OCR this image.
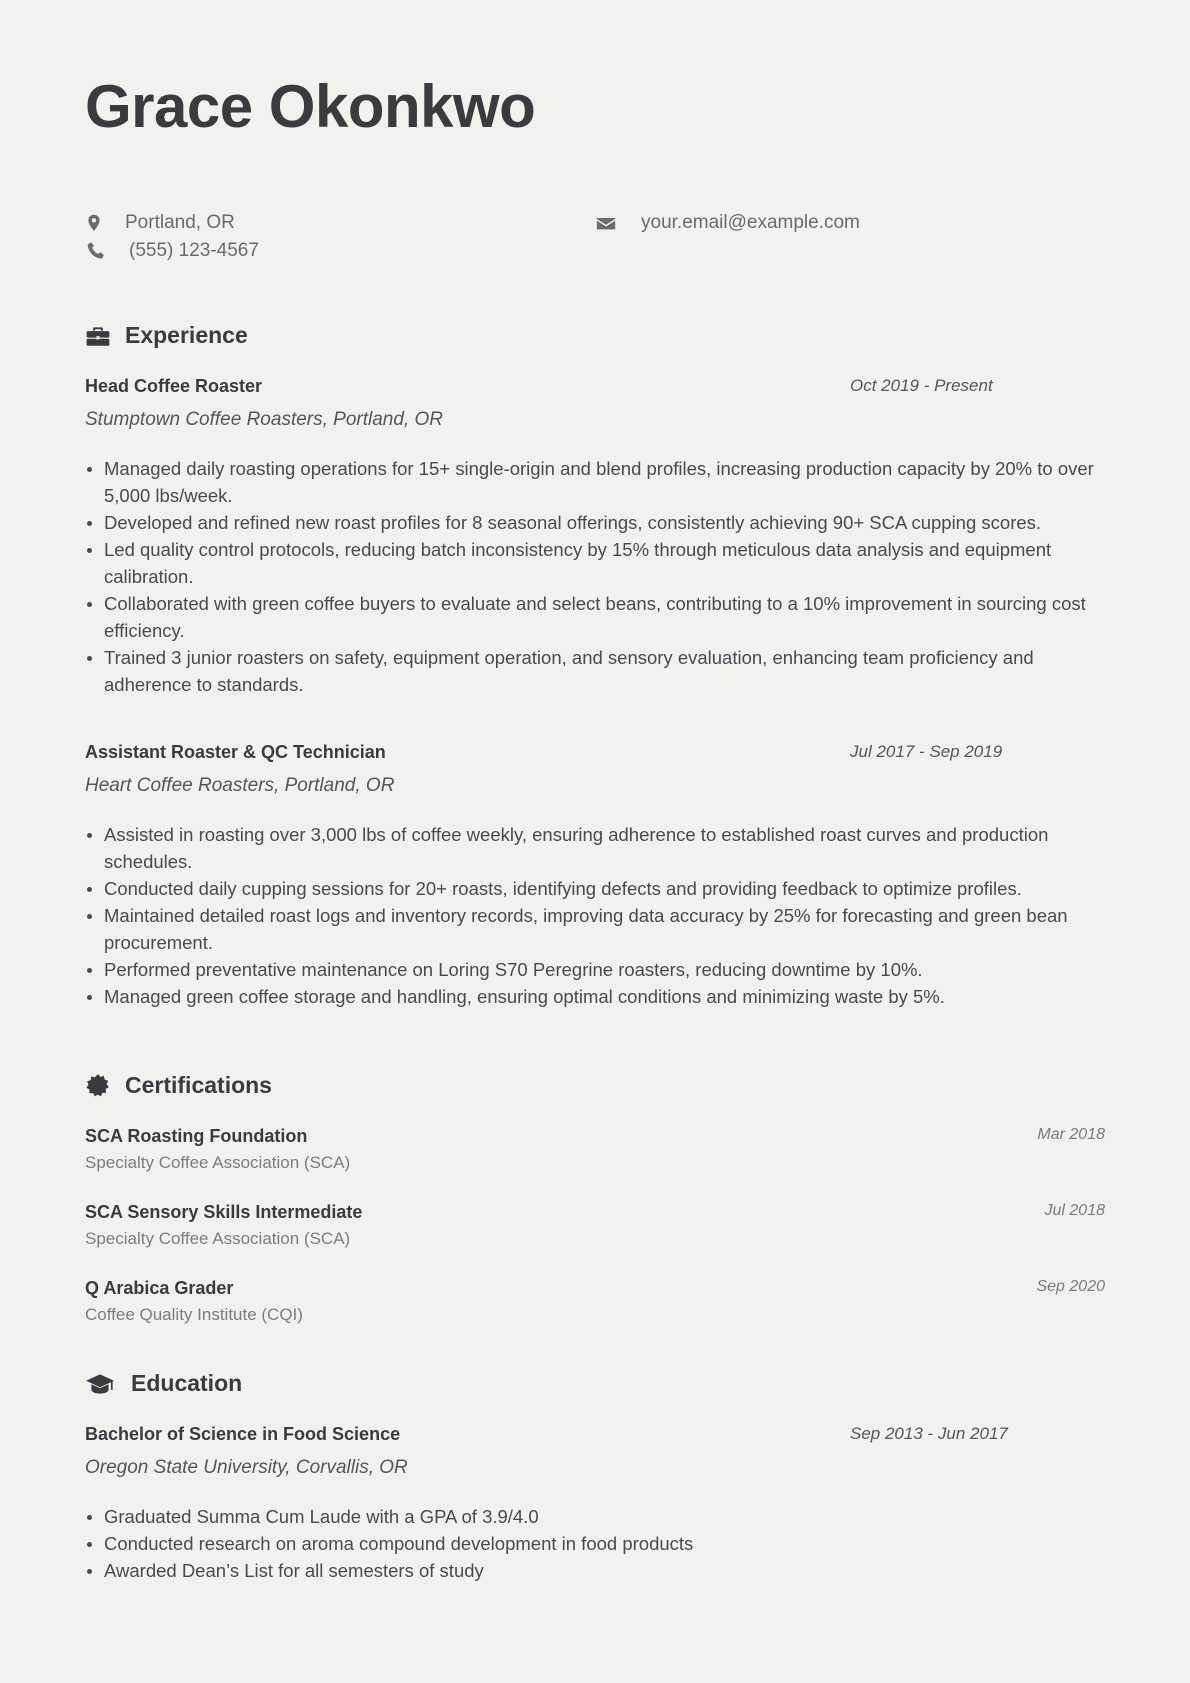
Grace Okonkwo
Portland, OR	your.email@example.com
(555) 123-4567
Experience
Head Coffee Roaster	Oct 2019 - Present
Stumptown Coffee Roasters, Portland, OR
Managed daily roasting operations for 15+ single-origin and blend profiles, increasing production capacity by 20% to over 5,000 lbs/week.
Developed and refined new roast profiles for 8 seasonal offerings, consistently achieving 90+ SCA cupping scores.
Led quality control protocols, reducing batch inconsistency by 15% through meticulous data analysis and equipment calibration.
Collaborated with green coffee buyers to evaluate and select beans, contributing to a 10% improvement in sourcing cost efficiency.
Trained 3 junior roasters on safety, equipment operation, and sensory evaluation, enhancing team proficiency and adherence to standards.
Assistant Roaster & QC Technician	Jul 2017 - Sep 2019
Heart Coffee Roasters, Portland, OR
Assisted in roasting over 3,000 lbs of coffee weekly, ensuring adherence to established roast curves and production schedules.
Conducted daily cupping sessions for 20+ roasts, identifying defects and providing feedback to optimize profiles.
Maintained detailed roast logs and inventory records, improving data accuracy by 25% for forecasting and green bean procurement.
Performed preventative maintenance on Loring S70 Peregrine roasters, reducing downtime by 10%.
Managed green coffee storage and handling, ensuring optimal conditions and minimizing waste by 5%.
Certifications
SCA Roasting Foundation	Mar 2018
Specialty Coffee Association (SCA)
SCA Sensory Skills Intermediate	Jul 2018
Specialty Coffee Association (SCA)
Q Arabica Grader	Sep 2020
Coffee Quality Institute (CQI)
Education
Bachelor of Science in Food Science	Sep 2013 - Jun 2017
Oregon State University, Corvallis, OR
Graduated Summa Cum Laude with a GPA of 3.9/4.0
Conducted research on aroma compound development in food products
Awarded Dean’s List for all semesters of study
